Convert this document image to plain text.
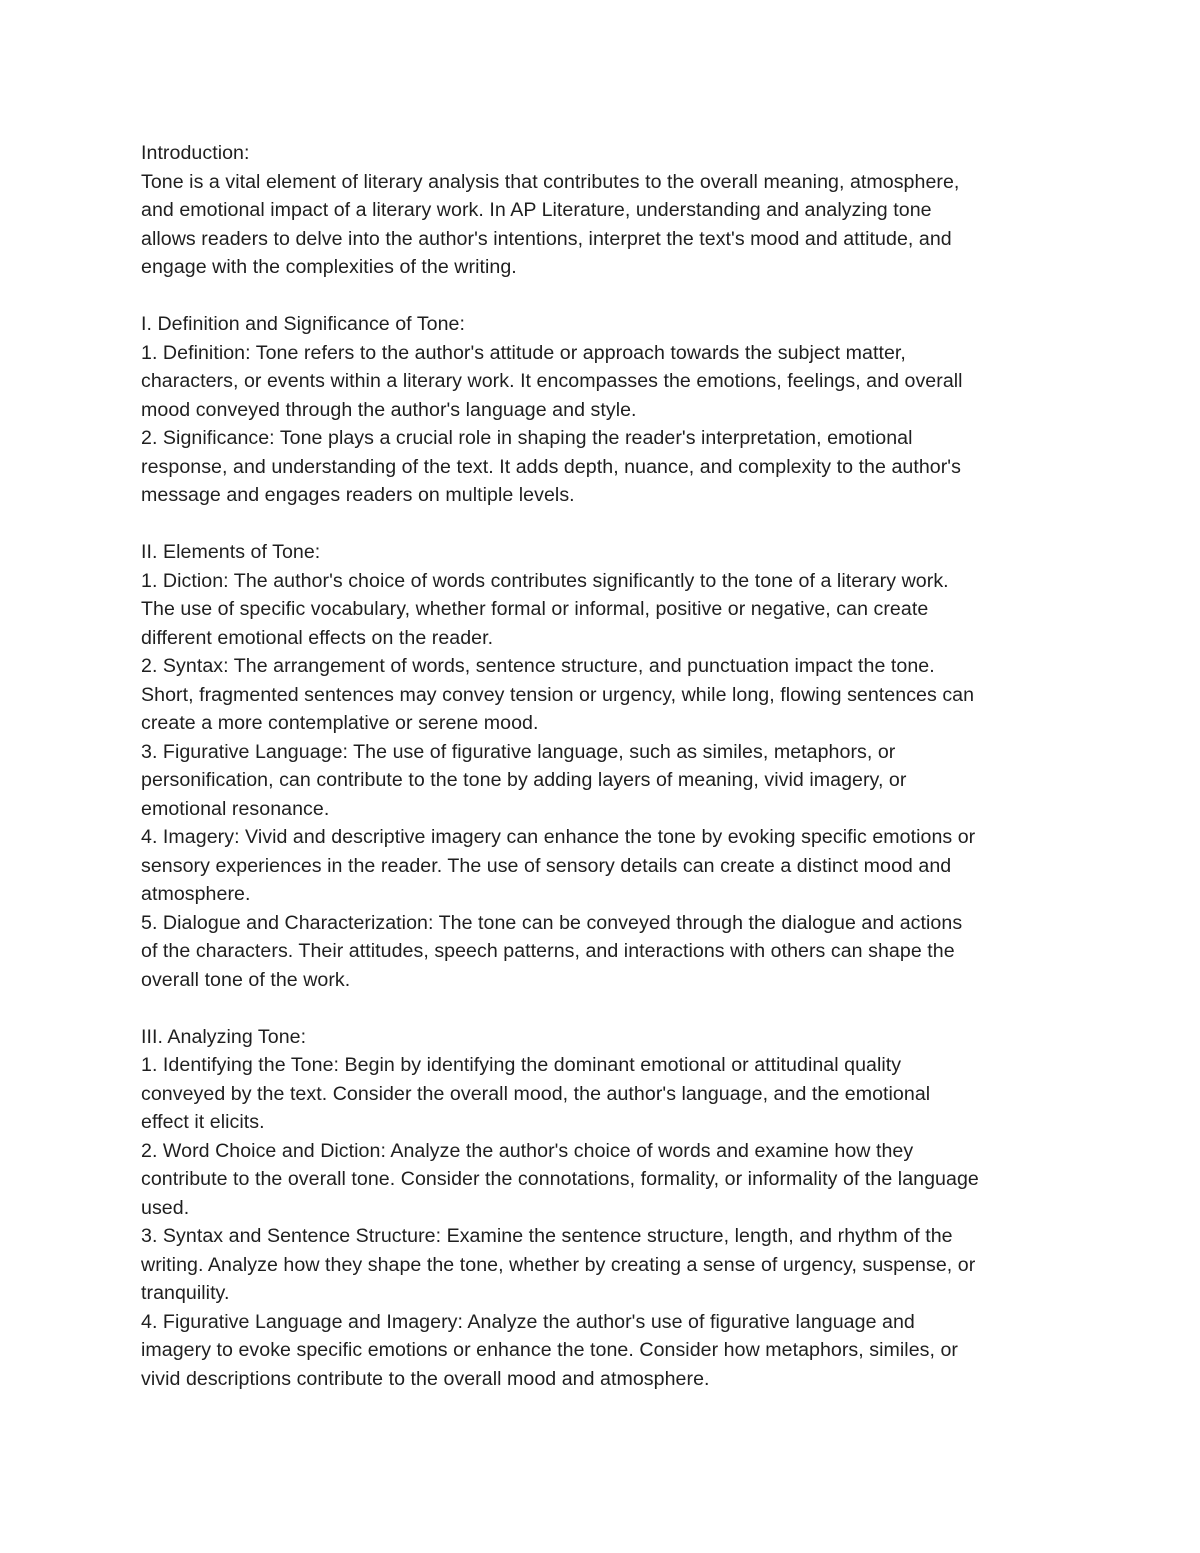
Introduction:
Tone is a vital element of literary analysis that contributes to the overall meaning, atmosphere,
and emotional impact of a literary work. In AP Literature, understanding and analyzing tone
allows readers to delve into the author's intentions, interpret the text's mood and attitude, and
engage with the complexities of the writing.
I. Definition and Significance of Tone:
1. Definition: Tone refers to the author's attitude or approach towards the subject matter,
characters, or events within a literary work. It encompasses the emotions, feelings, and overall
mood conveyed through the author's language and style.
2. Significance: Tone plays a crucial role in shaping the reader's interpretation, emotional
response, and understanding of the text. It adds depth, nuance, and complexity to the author's
message and engages readers on multiple levels.
II. Elements of Tone:
1. Diction: The author's choice of words contributes significantly to the tone of a literary work.
The use of specific vocabulary, whether formal or informal, positive or negative, can create
different emotional effects on the reader.
2. Syntax: The arrangement of words, sentence structure, and punctuation impact the tone.
Short, fragmented sentences may convey tension or urgency, while long, flowing sentences can
create a more contemplative or serene mood.
3. Figurative Language: The use of figurative language, such as similes, metaphors, or
personification, can contribute to the tone by adding layers of meaning, vivid imagery, or
emotional resonance.
4. Imagery: Vivid and descriptive imagery can enhance the tone by evoking specific emotions or
sensory experiences in the reader. The use of sensory details can create a distinct mood and
atmosphere.
5. Dialogue and Characterization: The tone can be conveyed through the dialogue and actions
of the characters. Their attitudes, speech patterns, and interactions with others can shape the
overall tone of the work.
III. Analyzing Tone:
1. Identifying the Tone: Begin by identifying the dominant emotional or attitudinal quality
conveyed by the text. Consider the overall mood, the author's language, and the emotional
effect it elicits.
2. Word Choice and Diction: Analyze the author's choice of words and examine how they
contribute to the overall tone. Consider the connotations, formality, or informality of the language
used.
3. Syntax and Sentence Structure: Examine the sentence structure, length, and rhythm of the
writing. Analyze how they shape the tone, whether by creating a sense of urgency, suspense, or
tranquility.
4. Figurative Language and Imagery: Analyze the author's use of figurative language and
imagery to evoke specific emotions or enhance the tone. Consider how metaphors, similes, or
vivid descriptions contribute to the overall mood and atmosphere.
